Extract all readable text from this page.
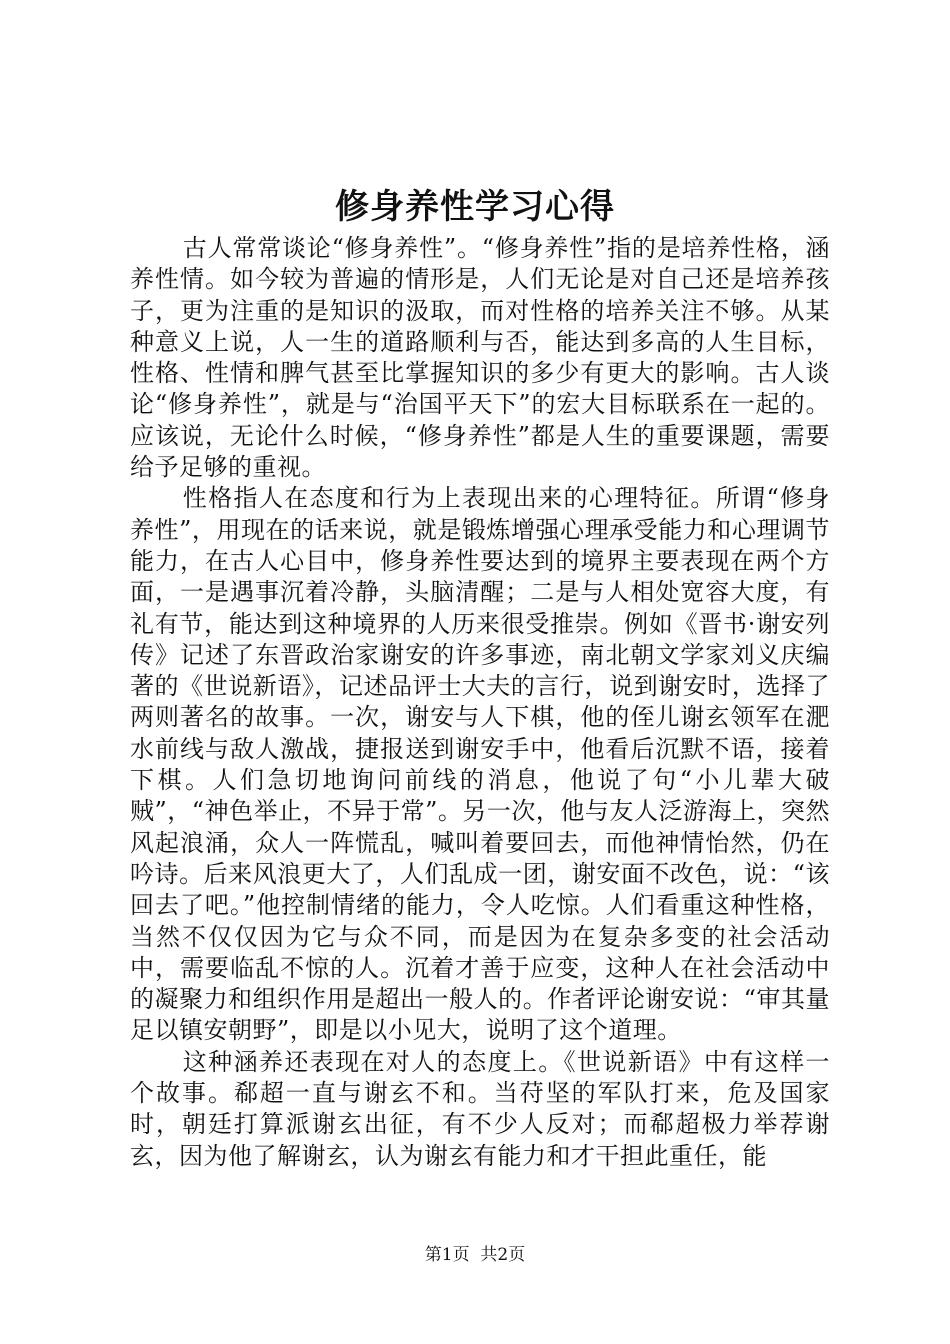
修身养性学习心得

古人常常谈论“修身养性”。“修身养性”指的是培养性格，涵养性情。如今较为普遍的情形是，人们无论是对自己还是培养孩子，更为注重的是知识的汲取，而对性格的培养关注不够。从某种意义上说，人一生的道路顺利与否，能达到多高的人生目标，性格、性情和脾气甚至比掌握知识的多少有更大的影响。古人谈论“修身养性”，就是与“治国平天下”的宏大目标联系在一起的。应该说，无论什么时候，“修身养性”都是人生的重要课题，需要给予足够的重视。

性格指人在态度和行为上表现出来的心理特征。所谓“修身养性”，用现在的话来说，就是锻炼增强心理承受能力和心理调节能力，在古人心目中，修身养性要达到的境界主要表现在两个方面，一是遇事沉着冷静，头脑清醒；二是与人相处宽容大度，有礼有节，能达到这种境界的人历来很受推崇。例如《晋书·谢安列传》记述了东晋政治家谢安的许多事迹，南北朝文学家刘义庆编著的《世说新语》，记述品评士大夫的言行，说到谢安时，选择了两则著名的故事。一次，谢安与人下棋，他的侄儿谢玄领军在淝水前线与敌人激战，捷报送到谢安手中，他看后沉默不语，接着下棋。人们急切地询问前线的消息，他说了句“小儿辈大破贼”，“神色举止，不异于常”。另一次，他与友人泛游海上，突然风起浪涌，众人一阵慌乱，喊叫着要回去，而他神情怡然，仍在吟诗。后来风浪更大了，人们乱成一团，谢安面不改色，说：“该回去了吧。”他控制情绪的能力，令人吃惊。人们看重这种性格，当然不仅仅因为它与众不同，而是因为在复杂多变的社会活动中，需要临乱不惊的人。沉着才善于应变，这种人在社会活动中的凝聚力和组织作用是超出一般人的。作者评论谢安说：“审其量足以镇安朝野”，即是以小见大，说明了这个道理。

这种涵养还表现在对人的态度上。《世说新语》中有这样一个故事。郗超一直与谢玄不和。当苻坚的军队打来，危及国家时，朝廷打算派谢玄出征，有不少人反对；而郗超极力举荐谢玄，因为他了解谢玄，认为谢玄有能力和才干担此重任，能

第1页 共2页
